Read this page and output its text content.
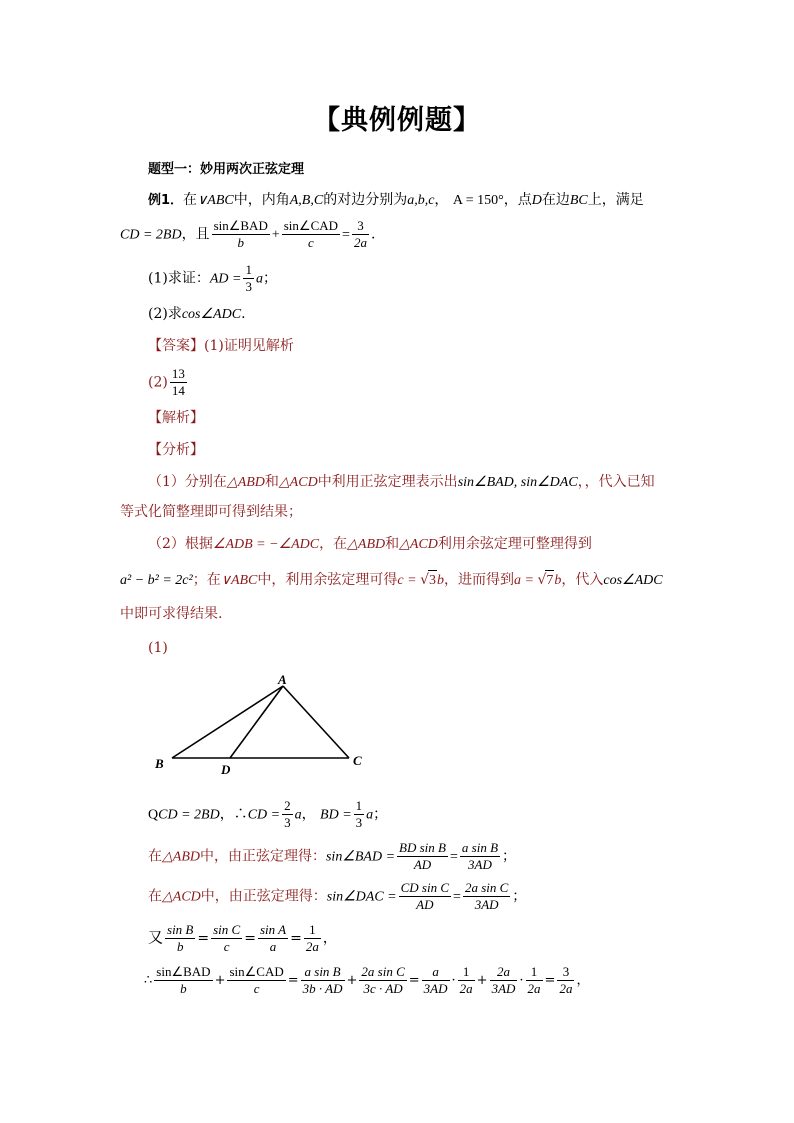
【典例例题】
题型一：妙用两次正弦定理
例1．在∨ABC中，内角A,B,C的对边分别为a,b,c， A = 150°，点D在边BC上，满足
CD = 2BD，且 $\frac{\text{sin∠BAD}}{b} + \frac{\text{sin∠CAD}}{c} = \frac{3}{2a}$ .
(1)求证：AD = $\frac{1}{3}$ a；
(2)求cos∠ADC.
【答案】(1)证明见解析
$(2) \frac{13}{14}$
【解析】
【分析】
（1）分别在△ABD和△ACD中利用正弦定理表示出sin∠BAD, sin∠DAC，，代入已知
等式化简整理即可得到结果；
（2）根据∠ADB = −∠ADC，在△ABD和△ACD利用余弦定理可整理得到
a² − b² = 2c²；在∨ABC中，利用余弦定理可得c = √3b，进而得到a = √7b，代入cos∠ADC
中即可求得结果.
(1)
A
B	D
C
QCD = 2BD，∴CD = $\frac{2}{3}$ a， BD = $\frac{1}{3}$ a；
在△ABD中，由正弦定理得：sin∠BAD = $\frac{\text{BD sin B}}{AD} = \frac{\text{a sin B}}{3AD}$ ；
在△ACD中，由正弦定理得：sin∠DAC = $\frac{\text{CD sin C}}{AD} = \frac{\text{2a sin C}}{3AD}$ ；
又 $\frac{\text{sin B}}{b} = \frac{\text{sin C}}{c} = \frac{\text{sin A}}{a} = \frac{1}{2a}$ ，
∴ $\frac{\text{sin∠BAD}}{b} + \frac{\text{sin∠CAD}}{c} = \frac{\text{a sin B}}{3b \cdot AD} + \frac{\text{2a sin C}}{3c \cdot AD} = \frac{a}{3AD} \cdot \frac{1}{2a} + \frac{2a}{3AD} \cdot \frac{1}{2a} = \frac{3}{2a}$ ，
